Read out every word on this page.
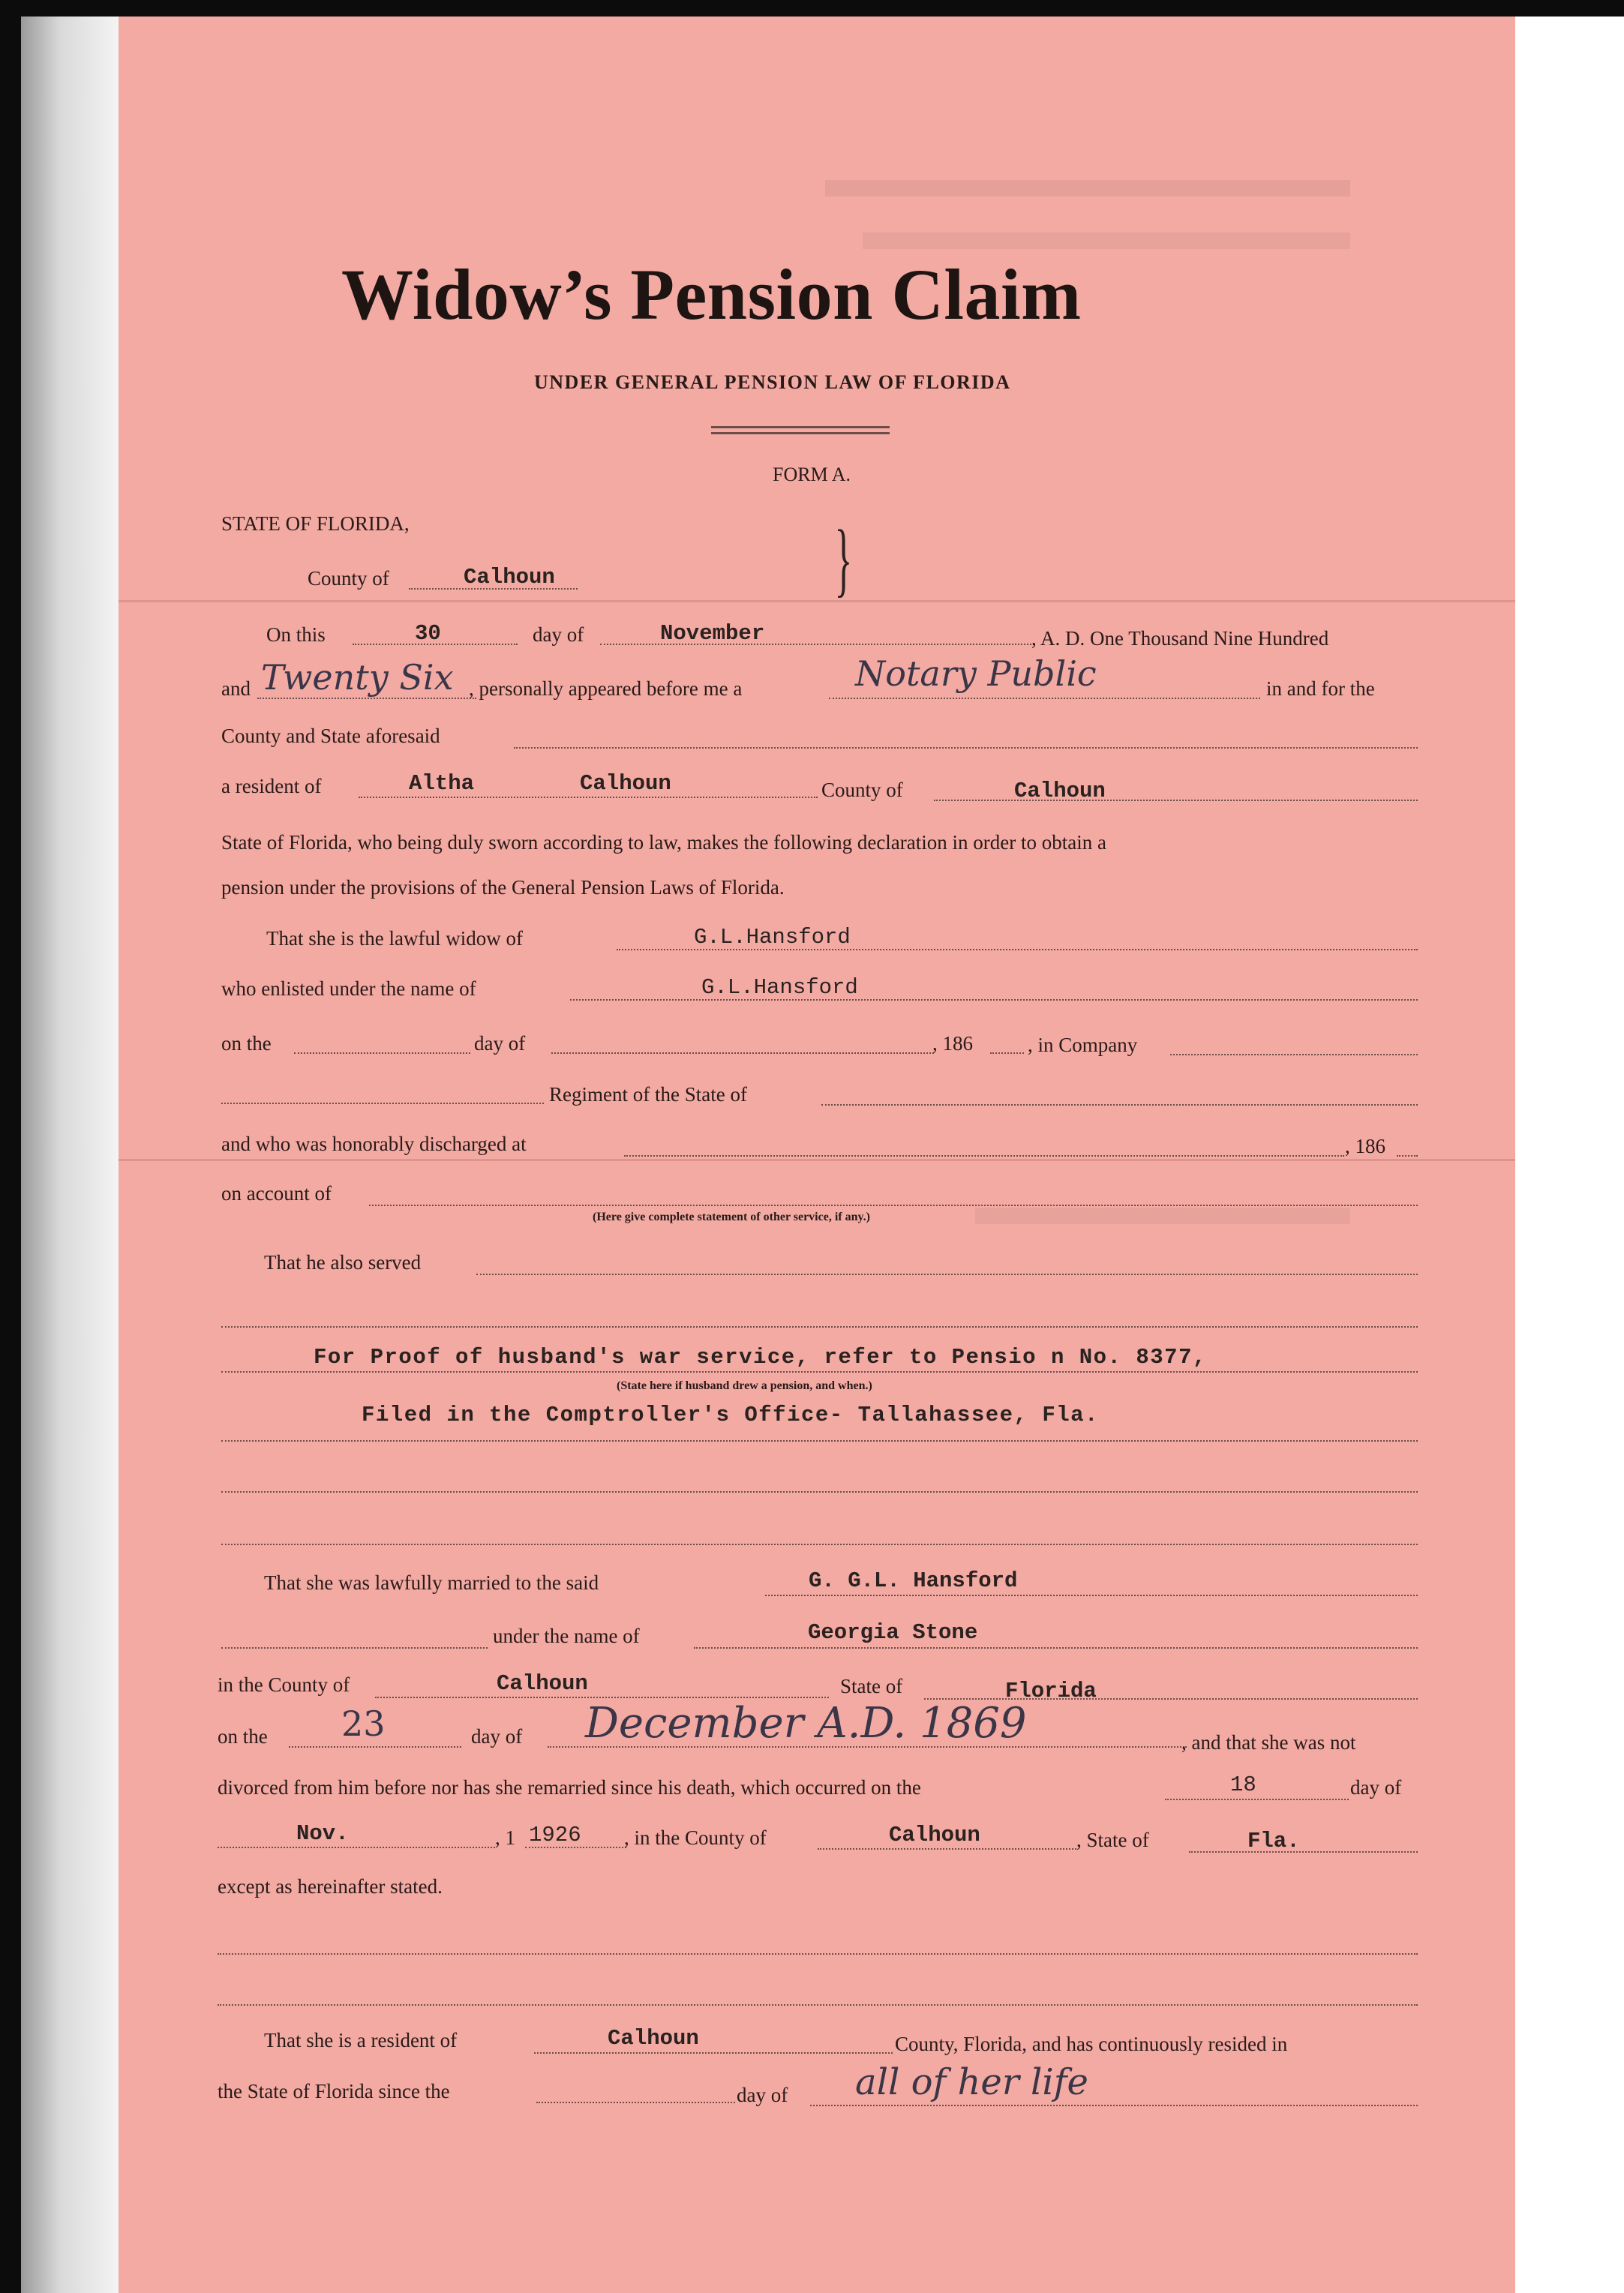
Widow’s Pension Claim
UNDER GENERAL PENSION LAW OF FLORIDA
FORM A.
STATE OF FLORIDA,
County of	Calhoun	}
On this	30	day of	November	, A. D. One Thousand Nine Hundred
and Twenty Six , personally appeared before me a	Notary Public	in and for the
County and State aforesaid
a resident of	Altha	Calhoun	County of	Calhoun
State of Florida, who being duly sworn according to law, makes the following declaration in order to obtain a
pension under the provisions of the General Pension Laws of Florida.
That she is the lawful widow of	G.L.Hansford
who enlisted under the name of	G.L.Hansford
on the	day of	, 186	, in Company
Regiment of the State of
and who was honorably discharged at	, 186
on account of
(Here give complete statement of other service, if any.)
That he also served
For Proof of husband's war service, refer to Pensio n No. 8377,
(State here if husband drew a pension, and when.)
Filed in the Comptroller's Office- Tallahassee, Fla.
That she was lawfully married to the said	G. G.L. Hansford
under the name of	Georgia Stone
in the County of	Calhoun	State of	Florida
on the 23	day of December A.D. 1869	, and that she was not
divorced from him before nor has she remarried since his death, which occurred on the	18	day of
Nov.	, 1 1926 , in the County of	Calhoun	, State of	Fla.
except as hereinafter stated.
That she is a resident of	Calhoun	County, Florida, and has continuously resided in
the State of Florida since the	day of all of her life
